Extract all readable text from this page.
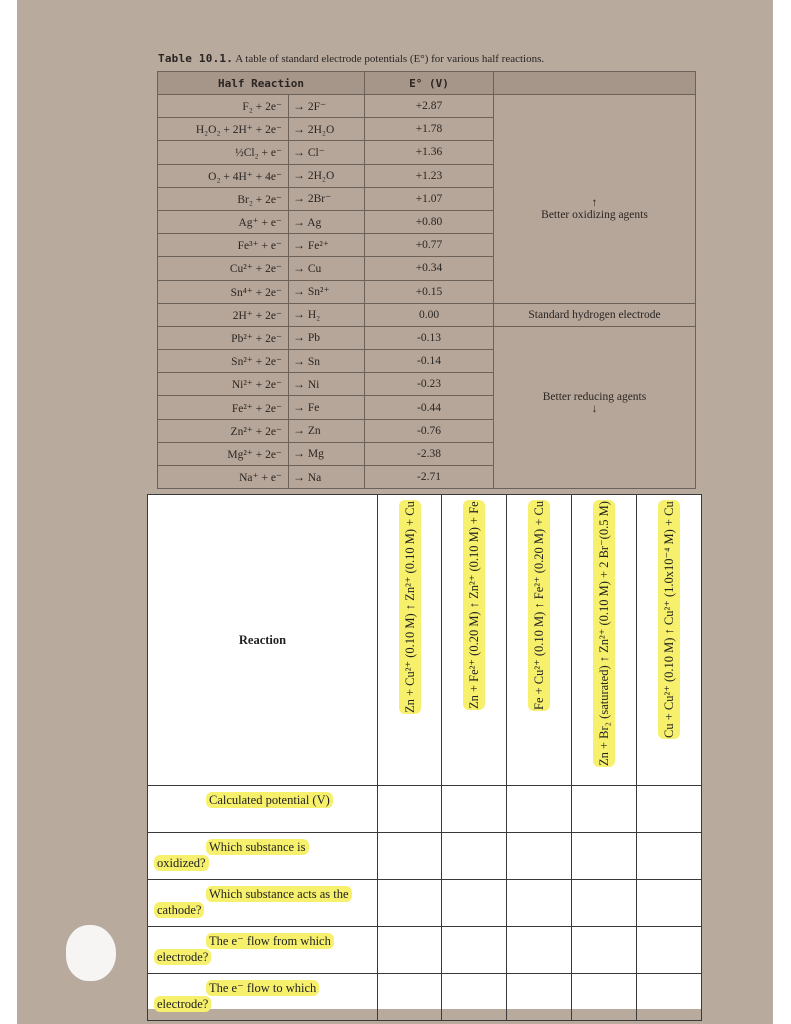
Table 10.1. A table of standard electrode potentials (E°) for various half reactions.
Half Reaction		E° (V)	
F₂ + 2e⁻	→ 2F⁻	+2.87	↑
Better oxidizing agents

H₂O₂ + 2H⁺ + 2e⁻	→ 2H₂O	+1.78	
½Cl₂ + e⁻	→ Cl⁻	+1.36	
O₂ + 4H⁺ + 4e⁻	→ 2H₂O	+1.23	
Br₂ + 2e⁻	→ 2Br⁻	+1.07	
Ag⁺ + e⁻	→ Ag	+0.80	
Fe³⁺ + e⁻	→ Fe²⁺	+0.77	
Cu²⁺ + 2e⁻	→ Cu	+0.34	
Sn⁴⁺ + 2e⁻	→ Sn²⁺	+0.15	
2H⁺ + 2e⁻	→ H₂	0.00	Standard hydrogen electrode
Pb²⁺ + 2e⁻	→ Pb	-0.13	Better reducing agents
↓

Sn²⁺ + 2e⁻	→ Sn	-0.14	
Ni²⁺ + 2e⁻	→ Ni	-0.23	
Fe²⁺ + 2e⁻	→ Fe	-0.44	
Zn²⁺ + 2e⁻	→ Zn	-0.76	
Mg²⁺ + 2e⁻	→ Mg	-2.38	
Na⁺ + e⁻	→ Na	-2.71	
Reaction	Zn + Cu²⁺ (0.10 M) ↑ Zn²⁺ (0.10 M) + Cu	Zn + Fe²⁺ (0.20 M) ↑ Zn²⁺ (0.10 M) + Fe	Fe + Cu²⁺ (0.10 M) ↑ Fe²⁺ (0.20 M) + Cu	Zn + Br₂ (saturated) ↑ Zn²⁺ (0.10 M) + 2 Br⁻(0.5 M)	Cu + Cu²⁺ (0.10 M) ↑ Cu²⁺ (1.0x10⁻⁴ M) + Cu

Calculated potential (V)					

Which substance is
oxidized?					

Which substance acts as the
cathode?					

The e⁻ flow from which
electrode?					

The e⁻ flow to which
electrode?					
